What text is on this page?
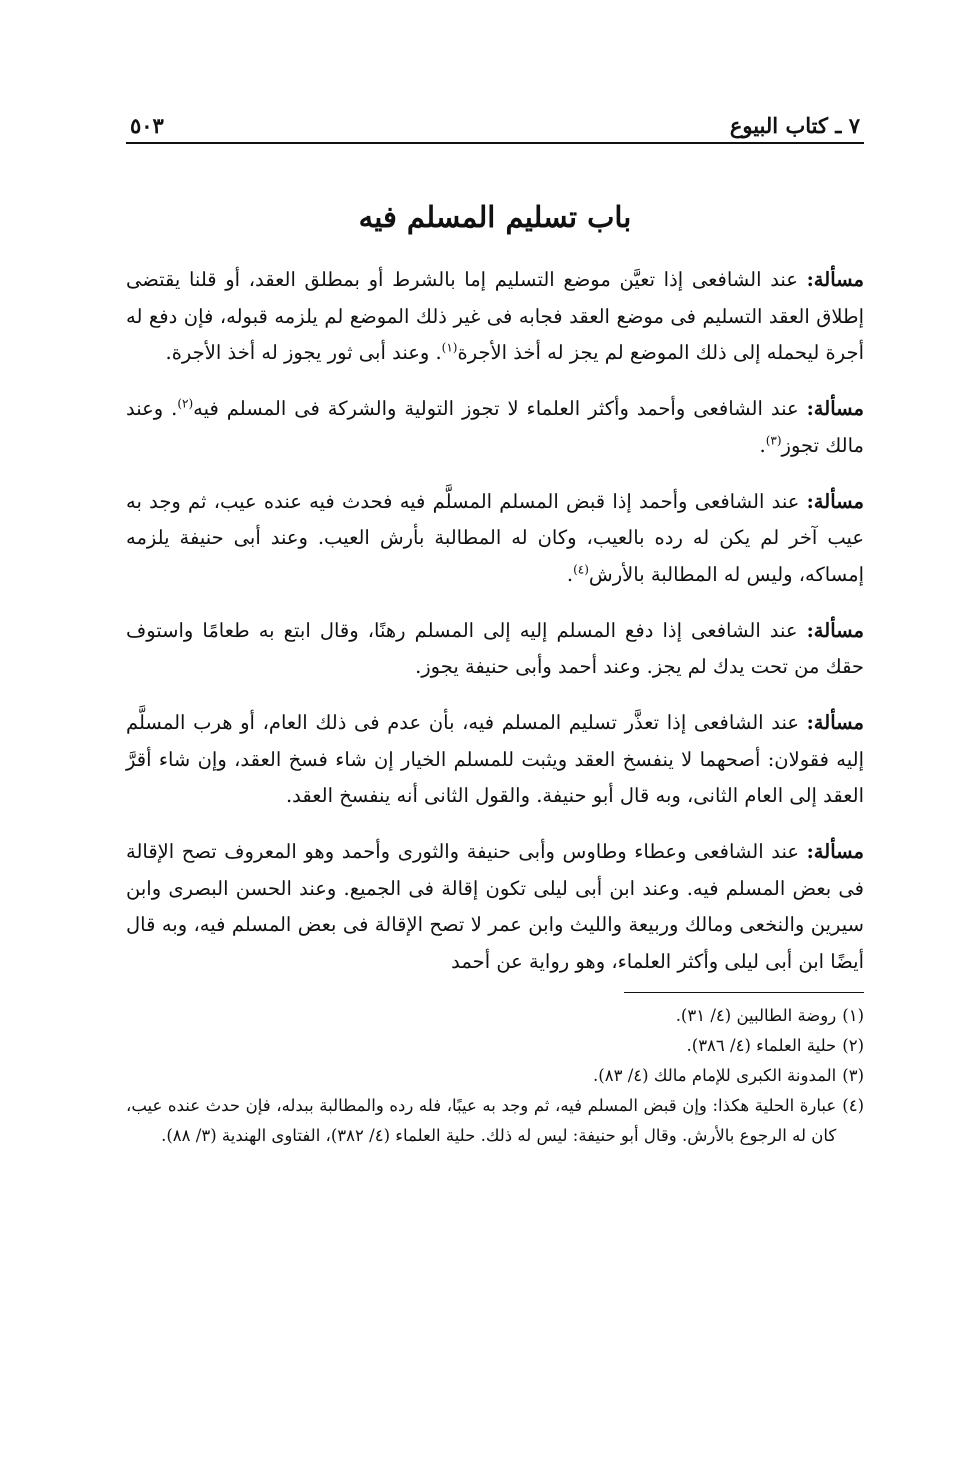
٧ ـ كتاب البيوع
٥٠٣
باب تسليم المسلم فيه

مسألة: عند الشافعى إذا تعيَّن موضع التسليم إما بالشرط أو بمطلق العقد، أو قلنا يقتضى إطلاق العقد التسليم فى موضع العقد فجابه فى غير ذلك الموضع لم يلزمه قبوله، فإن دفع له أجرة ليحمله إلى ذلك الموضع لم يجز له أخذ الأجرة$^{(١)}$. وعند أبى ثور يجوز له أخذ الأجرة.

مسألة: عند الشافعى وأحمد وأكثر العلماء لا تجوز التولية والشركة فى المسلم فيه$^{(٢)}$. وعند مالك تجوز$^{(٣)}$.

مسألة: عند الشافعى وأحمد إذا قبض المسلم المسلَّم فيه فحدث فيه عنده عيب، ثم وجد به عيب آخر لم يكن له رده بالعيب، وكان له المطالبة بأرش العيب. وعند أبى حنيفة يلزمه إمساكه، وليس له المطالبة بالأرش$^{(٤)}$.

مسألة: عند الشافعى إذا دفع المسلم إليه إلى المسلم رهنًا، وقال ابتع به طعامًا واستوف حقك من تحت يدك لم يجز. وعند أحمد وأبى حنيفة يجوز.

مسألة: عند الشافعى إذا تعذَّر تسليم المسلم فيه، بأن عدم فى ذلك العام، أو هرب المسلَّم إليه فقولان: أصحهما لا ينفسخ العقد ويثبت للمسلم الخيار إن شاء فسخ العقد، وإن شاء أقرَّ العقد إلى العام الثانى، وبه قال أبو حنيفة. والقول الثانى أنه ينفسخ العقد.

مسألة: عند الشافعى وعطاء وطاوس وأبى حنيفة والثورى وأحمد وهو المعروف تصح الإقالة فى بعض المسلم فيه. وعند ابن أبى ليلى تكون إقالة فى الجميع. وعند الحسن البصرى وابن سيرين والنخعى ومالك وربيعة والليث وابن عمر لا تصح الإقالة فى بعض المسلم فيه، وبه قال أيضًا ابن أبى ليلى وأكثر العلماء، وهو رواية عن أحمد

(١)
روضة الطالبين (٤/ ٣١).
(٢)
حلية العلماء (٤/ ٣٨٦).
(٣)
المدونة الكبرى للإمام مالك (٤/ ٨٣).
(٤)
عبارة الحلية هكذا: وإن قبض المسلم فيه، ثم وجد به عيبًا، فله رده والمطالبة ببدله، فإن حدث عنده عيب، كان له الرجوع بالأرش. وقال أبو حنيفة: ليس له ذلك. حلية العلماء (٤/ ٣٨٢)، الفتاوى الهندية (٣/ ٨٨).
